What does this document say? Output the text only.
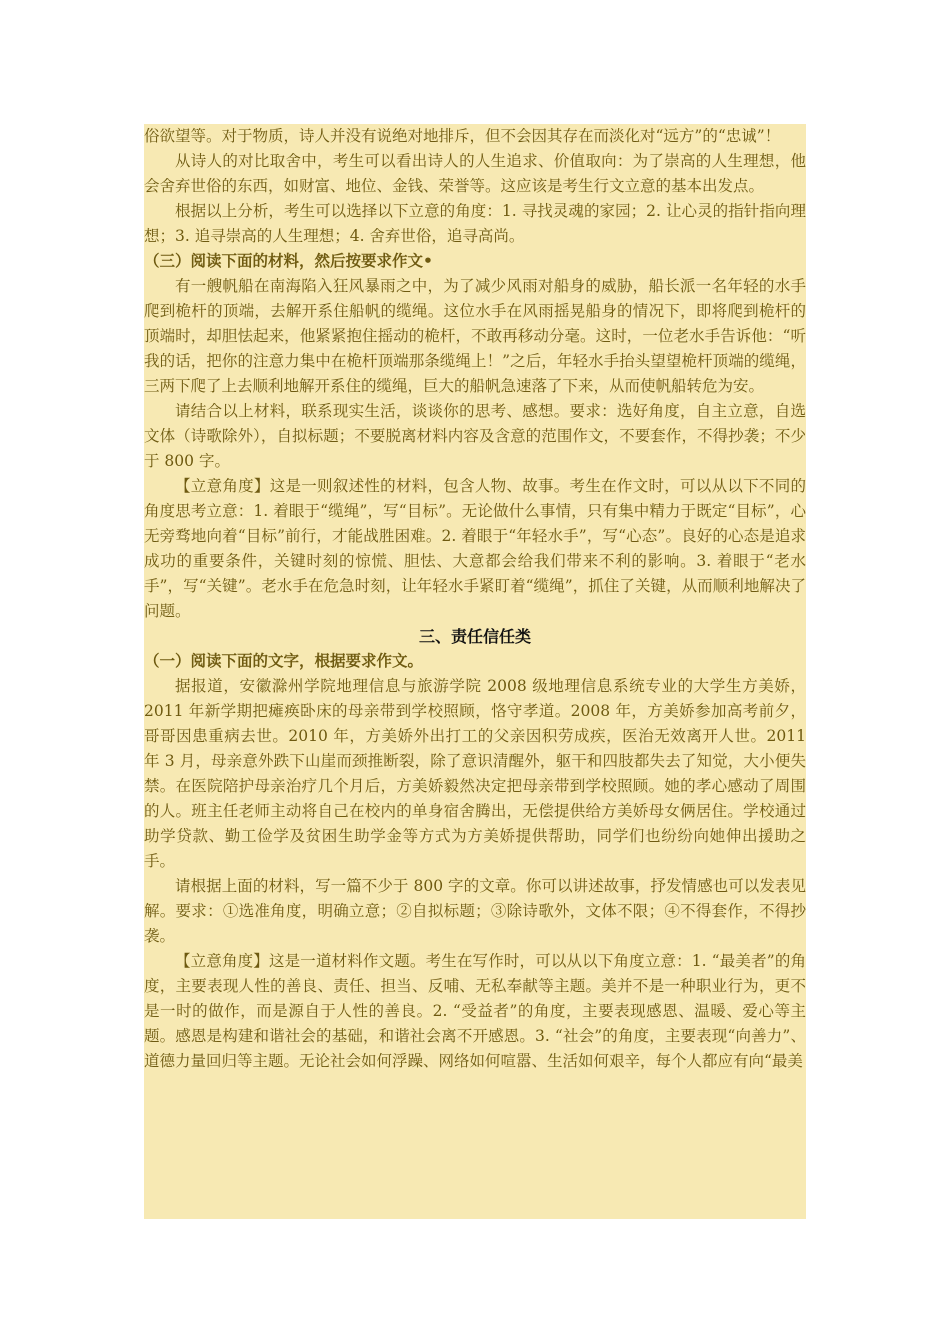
俗欲望等。对于物质，诗人并没有说绝对地排斥，但不会因其存在而淡化对“远方”的“忠诚”！

从诗人的对比取舍中，考生可以看出诗人的人生追求、价值取向：为了崇高的人生理想，他会舍弃世俗的东西，如财富、地位、金钱、荣誉等。这应该是考生行文立意的基本出发点。

根据以上分析，考生可以选择以下立意的角度：1. 寻找灵魂的家园；2. 让心灵的指针指向理想；3. 追寻崇高的人生理想；4. 舍弃世俗，追寻高尚。

（三）阅读下面的材料，然后按要求作文•

有一艘帆船在南海陷入狂风暴雨之中，为了减少风雨对船身的威胁，船长派一名年轻的水手爬到桅杆的顶端，去解开系住船帆的缆绳。这位水手在风雨摇晃船身的情况下，即将爬到桅杆的顶端时，却胆怯起来，他紧紧抱住摇动的桅杆，不敢再移动分毫。这时，一位老水手告诉他：“听我的话，把你的注意力集中在桅杆顶端那条缆绳上！”之后，年轻水手抬头望望桅杆顶端的缆绳，三两下爬了上去顺利地解开系住的缆绳，巨大的船帆急速落了下来，从而使帆船转危为安。

请结合以上材料，联系现实生活，谈谈你的思考、感想。要求：选好角度，自主立意，自选文体（诗歌除外），自拟标题；不要脱离材料内容及含意的范围作文，不要套作，不得抄袭；不少于 800 字。

【立意角度】这是一则叙述性的材料，包含人物、故事。考生在作文时，可以从以下不同的角度思考立意：1. 着眼于“缆绳”，写“目标”。无论做什么事情，只有集中精力于既定“目标”，心无旁骛地向着“目标”前行，才能战胜困难。2. 着眼于“年轻水手”，写“心态”。良好的心态是追求成功的重要条件，关键时刻的惊慌、胆怯、大意都会给我们带来不利的影响。3. 着眼于“老水手”，写“关键”。老水手在危急时刻，让年轻水手紧盯着“缆绳”，抓住了关键，从而顺利地解决了问题。

三、责任信任类

（一）阅读下面的文字，根据要求作文。

据报道，安徽滁州学院地理信息与旅游学院 2008 级地理信息系统专业的大学生方美娇，2011 年新学期把瘫痪卧床的母亲带到学校照顾，恪守孝道。2008 年，方美娇参加高考前夕，哥哥因患重病去世。2010 年，方美娇外出打工的父亲因积劳成疾，医治无效离开人世。2011 年 3 月，母亲意外跌下山崖而颈推断裂，除了意识清醒外，躯干和四肢都失去了知觉，大小便失禁。在医院陪护母亲治疗几个月后，方美娇毅然决定把母亲带到学校照顾。她的孝心感动了周围的人。班主任老师主动将自己在校内的单身宿舍腾出，无偿提供给方美娇母女俩居住。学校通过助学贷款、勤工俭学及贫困生助学金等方式为方美娇提供帮助，同学们也纷纷向她伸出援助之手。

请根据上面的材料，写一篇不少于 800 字的文章。你可以讲述故事，抒发情感也可以发表见解。要求：①选准角度，明确立意；②自拟标题；③除诗歌外，文体不限；④不得套作，不得抄袭。

【立意角度】这是一道材料作文题。考生在写作时，可以从以下角度立意：1. “最美者”的角度，主要表现人性的善良、责任、担当、反哺、无私奉献等主题。美并不是一种职业行为，更不是一时的做作，而是源自于人性的善良。2. “受益者”的角度，主要表现感恩、温暖、爱心等主题。感恩是构建和谐社会的基础，和谐社会离不开感恩。3. “社会”的角度，主要表现“向善力”、道德力量回归等主题。无论社会如何浮躁、网络如何喧嚣、生活如何艰辛，每个人都应有向“最美
